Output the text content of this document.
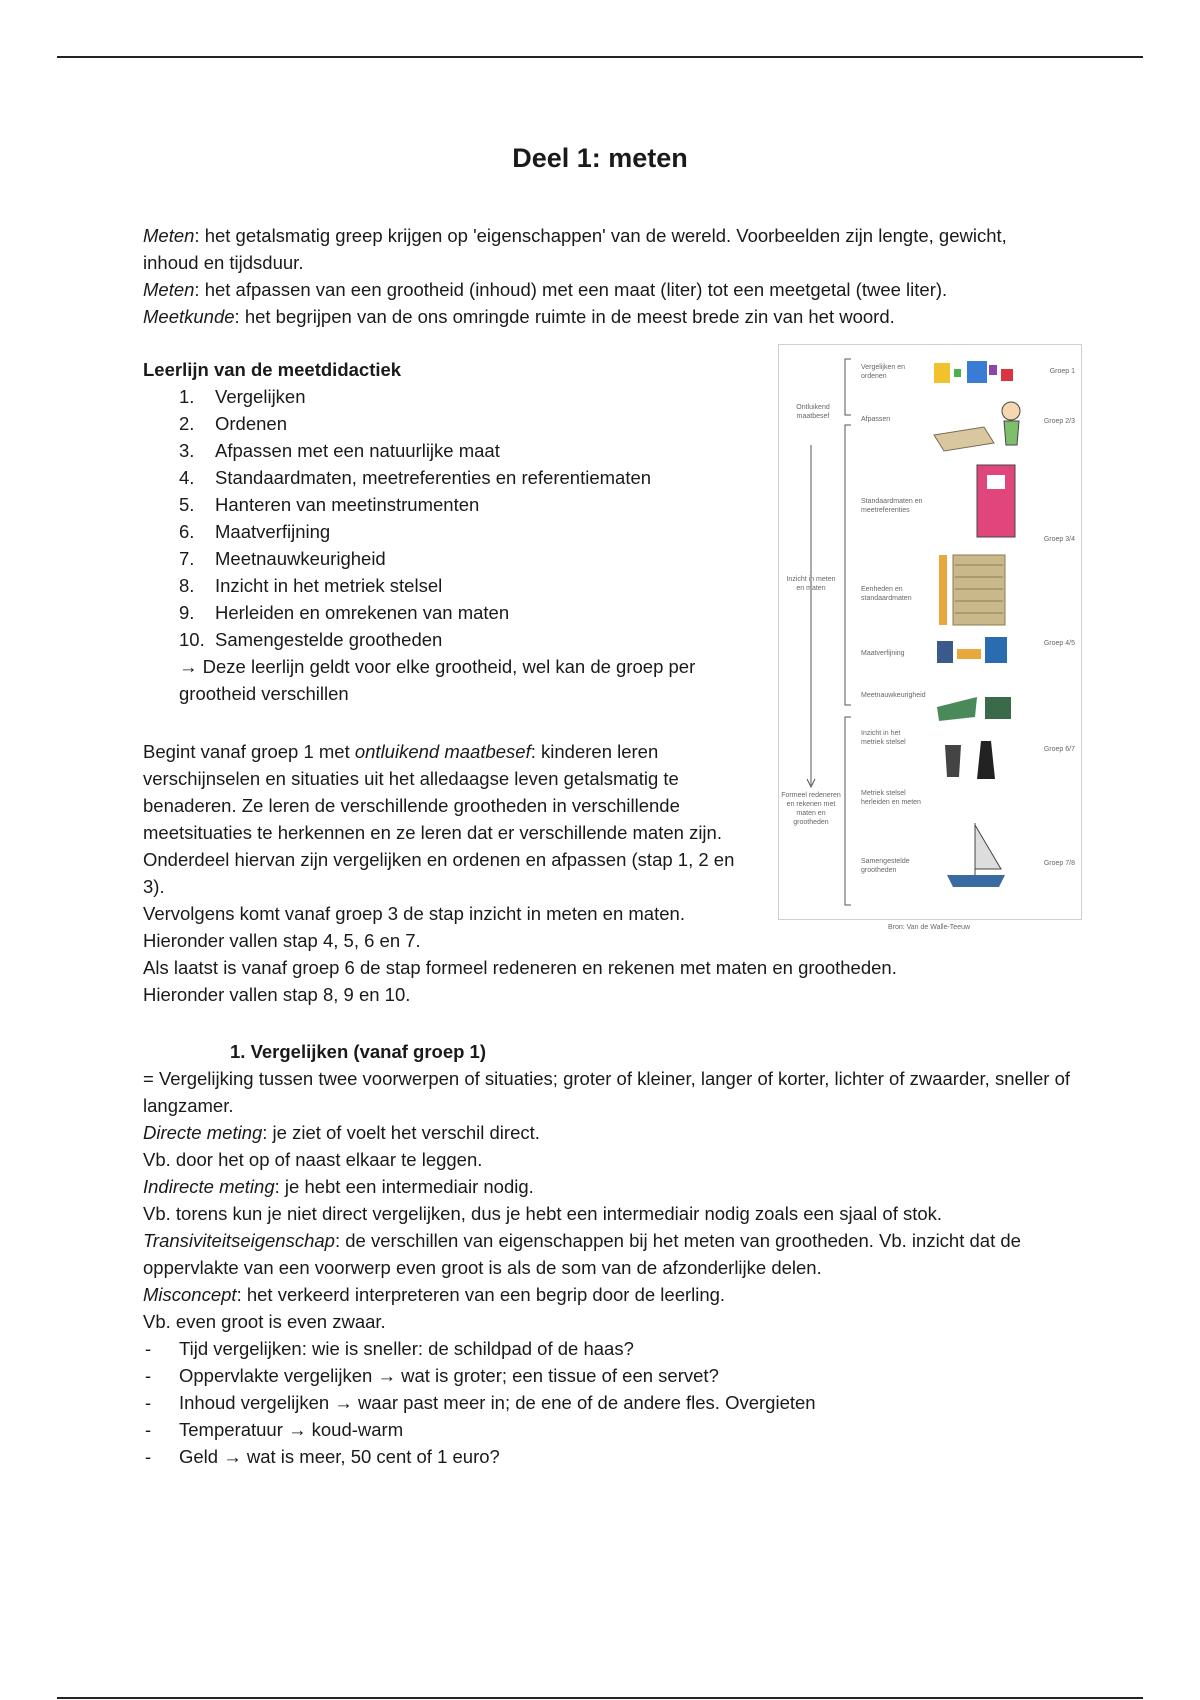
Deel 1: meten

Meten: het getalsmatig greep krijgen op 'eigenschappen' van de wereld. Voorbeelden zijn lengte, gewicht, inhoud en tijdsduur.

Meten: het afpassen van een grootheid (inhoud) met een maat (liter) tot een meetgetal (twee liter).

Meetkunde: het begrijpen van de ons omringde ruimte in de meest brede zin van het woord.

Leerlijn van de meetdidactiek

1.	Vergelijken
2.	Ordenen
3.	Afpassen met een natuurlijke maat
4.	Standaardmaten, meetreferenties en referentiematen
5.	Hanteren van meetinstrumenten
6.	Maatverfijning
7.	Meetnauwkeurigheid
8.	Inzicht in het metriek stelsel
9.	Herleiden en omrekenen van maten
10. Samengestelde grootheden

→ Deze leerlijn geldt voor elke grootheid, wel kan de groep per grootheid verschillen

Ontluikend maatbesef
Inzicht in meten en maten
Formeel redeneren en rekenen met maten en grootheden
Vergelijken en ordenen
Afpassen
Standaardmaten en meetreferenties
Eenheden en standaardmaten
Maatverfijning
Meetnauwkeurigheid
Inzicht in het metriek stelsel
Metriek stelsel herleiden en meten
Samengestelde grootheden
Groep 1
Groep 2/3
Groep 3/4
Groep 4/5
Groep 6/7
Groep 7/8
Bron: Van de Walle-Teeuw

Begint vanaf groep 1 met ontluikend maatbesef: kinderen leren verschijnselen en situaties uit het alledaagse leven getalsmatig te benaderen. Ze leren de verschillende grootheden in verschillende meetsituaties te herkennen en ze leren dat er verschillende maten zijn. Onderdeel hiervan zijn vergelijken en ordenen en afpassen (stap 1, 2 en 3).

Vervolgens komt vanaf groep 3 de stap inzicht in meten en maten. Hieronder vallen stap 4, 5, 6 en 7.

Als laatst is vanaf groep 6 de stap formeel redeneren en rekenen met maten en grootheden. Hieronder vallen stap 8, 9 en 10.

1. Vergelijken (vanaf groep 1)

= Vergelijking tussen twee voorwerpen of situaties; groter of kleiner, langer of korter, lichter of zwaarder, sneller of langzamer.

Directe meting: je ziet of voelt het verschil direct.

Vb. door het op of naast elkaar te leggen.

Indirecte meting: je hebt een intermediair nodig.

Vb. torens kun je niet direct vergelijken, dus je hebt een intermediair nodig zoals een sjaal of stok.

Transiviteitseigenschap: de verschillen van eigenschappen bij het meten van grootheden. Vb. inzicht dat de oppervlakte van een voorwerp even groot is als de som van de afzonderlijke delen.

Misconcept: het verkeerd interpreteren van een begrip door de leerling.

Vb. even groot is even zwaar.

- Tijd vergelijken: wie is sneller: de schildpad of de haas?
- Oppervlakte vergelijken → wat is groter; een tissue of een servet?
- Inhoud vergelijken → waar past meer in; de ene of de andere fles. Overgieten
- Temperatuur → koud-warm
- Geld → wat is meer, 50 cent of 1 euro?
